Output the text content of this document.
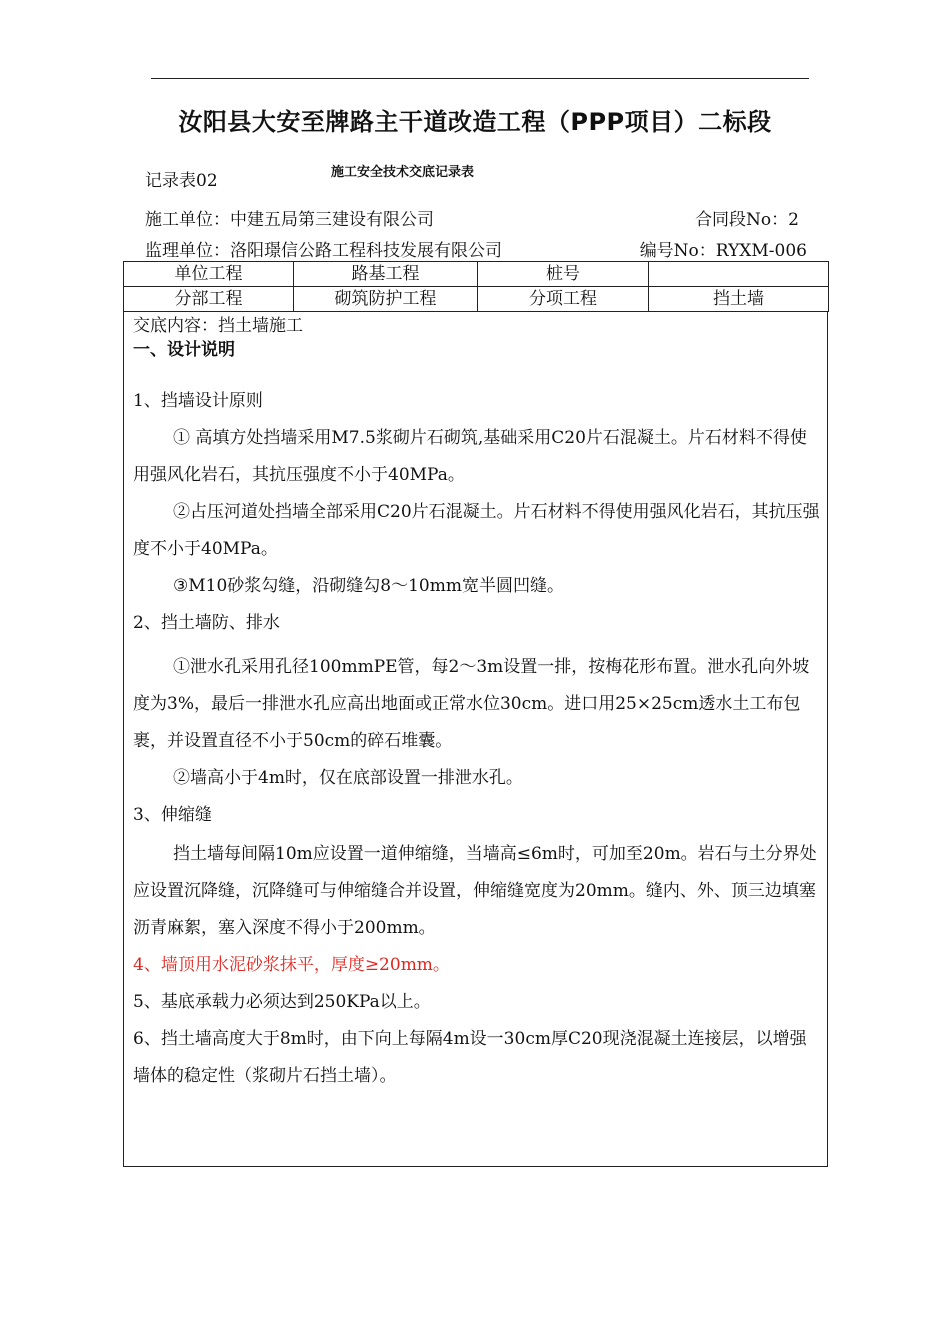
汝阳县大安至牌路主干道改造工程（PPP项目）二标段
记录表02	施工安全技术交底记录表
施工单位：中建五局第三建设有限公司	合同段No：2
监理单位：洛阳璟信公路工程科技发展有限公司	编号No：RYXM-006
单位工程	路基工程	桩号	
分部工程	砌筑防护工程	分项工程	挡土墙
交底内容：挡土墙施工
一、设计说明
1、挡墙设计原则
① 高填方处挡墙采用M7.5浆砌片石砌筑,基础采用C20片石混凝土。片石材料不得使用强风化岩石，其抗压强度不小于40MPa。
②占压河道处挡墙全部采用C20片石混凝土。片石材料不得使用强风化岩石，其抗压强度不小于40MPa。
③M10砂浆勾缝，沿砌缝勾8～10mm宽半圆凹缝。
2、挡土墙防、排水
①泄水孔采用孔径100mmPE管，每2～3m设置一排，按梅花形布置。泄水孔向外坡度为3%，最后一排泄水孔应高出地面或正常水位30cm。进口用25×25cm透水土工布包裹，并设置直径不小于50cm的碎石堆囊。
②墙高小于4m时，仅在底部设置一排泄水孔。
3、伸缩缝
挡土墙每间隔10m应设置一道伸缩缝，当墙高≤6m时，可加至20m。岩石与土分界处应设置沉降缝，沉降缝可与伸缩缝合并设置，伸缩缝宽度为20mm。缝内、外、顶三边填塞沥青麻絮，塞入深度不得小于200mm。
4、墙顶用水泥砂浆抹平，厚度≥20mm。
5、基底承载力必须达到250KPa以上。
6、挡土墙高度大于8m时，由下向上每隔4m设一30cm厚C20现浇混凝土连接层，以增强墙体的稳定性（浆砌片石挡土墙）。
